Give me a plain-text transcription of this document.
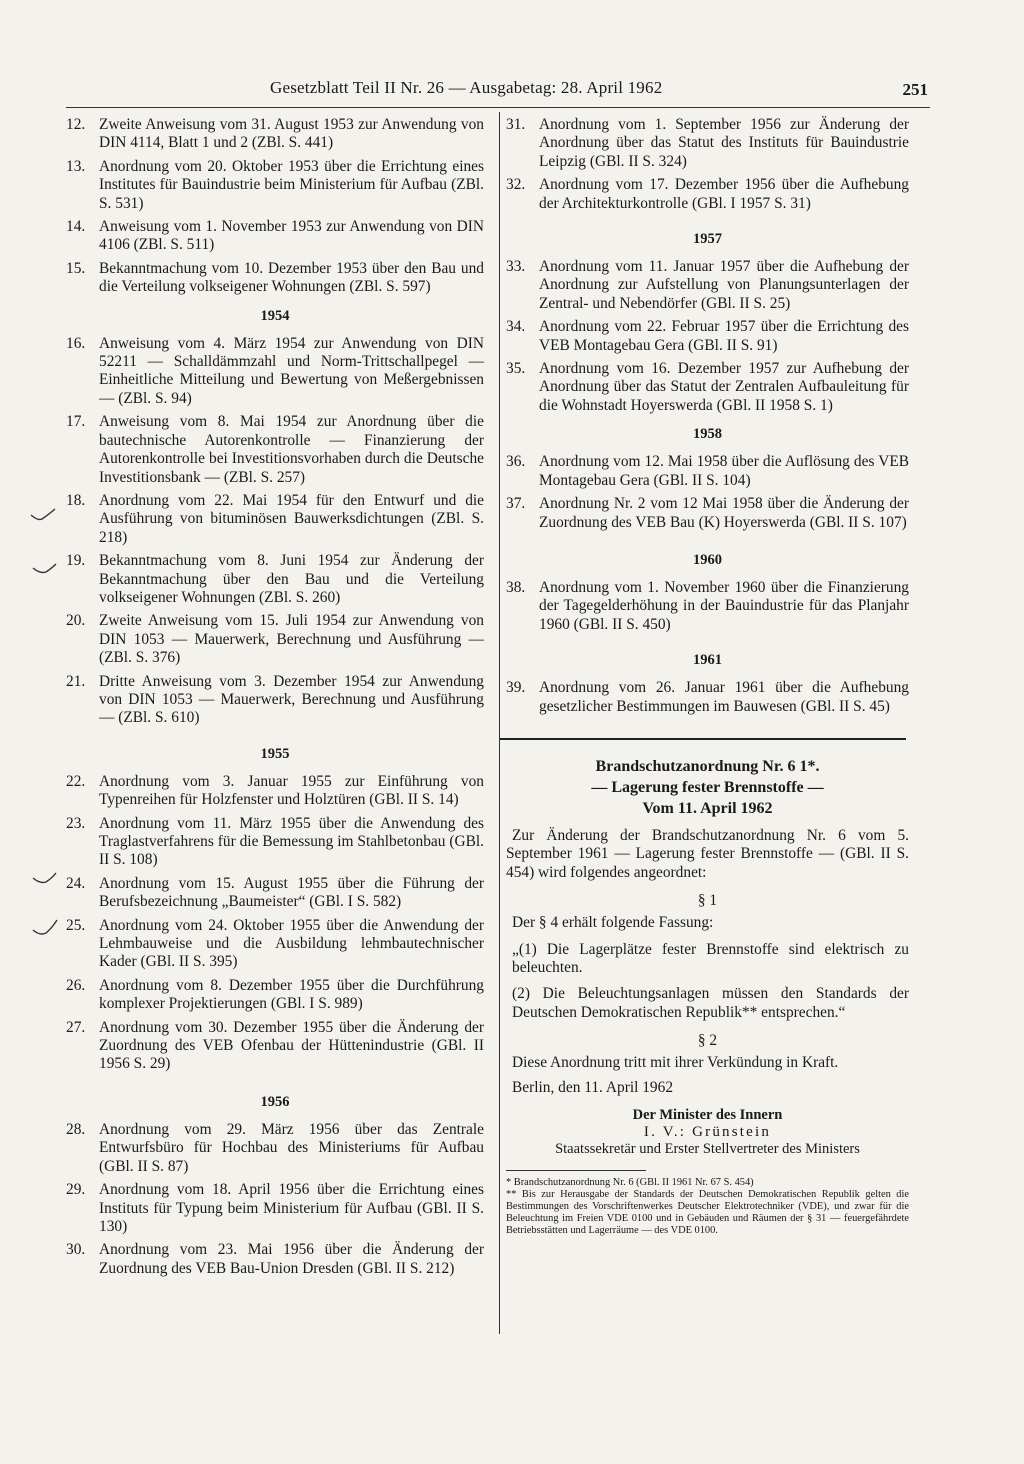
Gesetzblatt Teil II Nr. 26 — Ausgabetag: 28. April 1962	251
12. Zweite Anweisung vom 31. August 1953 zur Anwendung von DIN 4114, Blatt 1 und 2 (ZBl. S. 441)
13. Anordnung vom 20. Oktober 1953 über die Errichtung eines Institutes für Bauindustrie beim Ministerium für Aufbau (ZBl. S. 531)
14. Anweisung vom 1. November 1953 zur Anwendung von DIN 4106 (ZBl. S. 511)
15. Bekanntmachung vom 10. Dezember 1953 über den Bau und die Verteilung volkseigener Wohnungen (ZBl. S. 597)
1954
16. Anweisung vom 4. März 1954 zur Anwendung von DIN 52211 — Schalldämmzahl und Norm-Trittschallpegel — Einheitliche Mitteilung und Bewertung von Meßergebnissen — (ZBl. S. 94)
17. Anweisung vom 8. Mai 1954 zur Anordnung über die bautechnische Autorenkontrolle — Finanzierung der Autorenkontrolle bei Investitionsvorhaben durch die Deutsche Investitionsbank — (ZBl. S. 257)
18. Anordnung vom 22. Mai 1954 für den Entwurf und die Ausführung von bituminösen Bauwerksdichtungen (ZBl. S. 218)
19. Bekanntmachung vom 8. Juni 1954 zur Änderung der Bekanntmachung über den Bau und die Verteilung volkseigener Wohnungen (ZBl. S. 260)
20. Zweite Anweisung vom 15. Juli 1954 zur Anwendung von DIN 1053 — Mauerwerk, Berechnung und Ausführung — (ZBl. S. 376)
21. Dritte Anweisung vom 3. Dezember 1954 zur Anwendung von DIN 1053 — Mauerwerk, Berechnung und Ausführung — (ZBl. S. 610)
1955
22. Anordnung vom 3. Januar 1955 zur Einführung von Typenreihen für Holzfenster und Holztüren (GBl. II S. 14)
23. Anordnung vom 11. März 1955 über die Anwendung des Traglastverfahrens für die Bemessung im Stahlbetonbau (GBl. II S. 108)
24. Anordnung vom 15. August 1955 über die Führung der Berufsbezeichnung „Baumeister“ (GBl. I S. 582)
25. Anordnung vom 24. Oktober 1955 über die Anwendung der Lehmbauweise und die Ausbildung lehmbautechnischer Kader (GBl. II S. 395)
26. Anordnung vom 8. Dezember 1955 über die Durchführung komplexer Projektierungen (GBl. I S. 989)
27. Anordnung vom 30. Dezember 1955 über die Änderung der Zuordnung des VEB Ofenbau der Hüttenindustrie (GBl. II 1956 S. 29)
1956
28. Anordnung vom 29. März 1956 über das Zentrale Entwurfsbüro für Hochbau des Ministeriums für Aufbau (GBl. II S. 87)
29. Anordnung vom 18. April 1956 über die Errichtung eines Instituts für Typung beim Ministerium für Aufbau (GBl. II S. 130)
30. Anordnung vom 23. Mai 1956 über die Änderung der Zuordnung des VEB Bau-Union Dresden (GBl. II S. 212)
31. Anordnung vom 1. September 1956 zur Änderung der Anordnung über das Statut des Instituts für Bauindustrie Leipzig (GBl. II S. 324)
32. Anordnung vom 17. Dezember 1956 über die Aufhebung der Architekturkontrolle (GBl. I 1957 S. 31)
1957
33. Anordnung vom 11. Januar 1957 über die Aufhebung der Anordnung zur Aufstellung von Planungsunterlagen der Zentral- und Nebendörfer (GBl. II S. 25)
34. Anordnung vom 22. Februar 1957 über die Errichtung des VEB Montagebau Gera (GBl. II S. 91)
35. Anordnung vom 16. Dezember 1957 zur Aufhebung der Anordnung über das Statut der Zentralen Aufbauleitung für die Wohnstadt Hoyerswerda (GBl. II 1958 S. 1)
1958
36. Anordnung vom 12. Mai 1958 über die Auflösung des VEB Montagebau Gera (GBl. II S. 104)
37. Anordnung Nr. 2 vom 12 Mai 1958 über die Änderung der Zuordnung des VEB Bau (K) Hoyerswerda (GBl. II S. 107)
1960
38. Anordnung vom 1. November 1960 über die Finanzierung der Tagegelderhöhung in der Bauindustrie für das Planjahr 1960 (GBl. II S. 450)
1961
39. Anordnung vom 26. Januar 1961 über die Aufhebung gesetzlicher Bestimmungen im Bauwesen (GBl. II S. 45)
Brandschutzanordnung Nr. 6 1*.
— Lagerung fester Brennstoffe —
Vom 11. April 1962
Zur Änderung der Brandschutzanordnung Nr. 6 vom 5. September 1961 — Lagerung fester Brennstoffe — (GBl. II S. 454) wird folgendes angeordnet:
§ 1
Der § 4 erhält folgende Fassung:
„(1) Die Lagerplätze fester Brennstoffe sind elektrisch zu beleuchten.
(2) Die Beleuchtungsanlagen müssen den Standards der Deutschen Demokratischen Republik** entsprechen.“
§ 2
Diese Anordnung tritt mit ihrer Verkündung in Kraft.
Berlin, den 11. April 1962
Der Minister des Innern
I. V.: Grünstein
Staatssekretär und Erster Stellvertreter des Ministers
* Brandschutzanordnung Nr. 6 (GBl. II 1961 Nr. 67 S. 454)
** Bis zur Herausgabe der Standards der Deutschen Demokratischen Republik gelten die Bestimmungen des Vorschriftenwerkes Deutscher Elektrotechniker (VDE), und zwar für die Beleuchtung im Freien VDE 0100 und in Gebäuden und Räumen der § 31 — feuergefährdete Betriebsstätten und Lagerräume — des VDE 0100.
